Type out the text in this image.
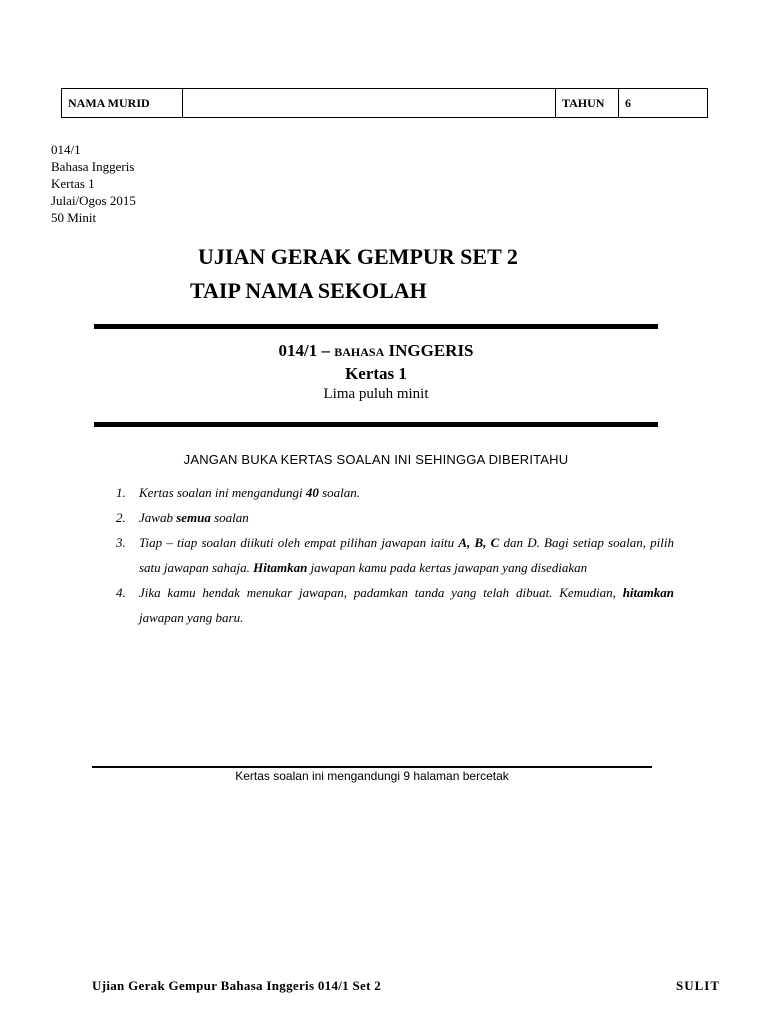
NAMA MURID		TAHUN	6
014/1
Bahasa Inggeris
Kertas 1
Julai/Ogos 2015
50 Minit
UJIAN GERAK GEMPUR SET 2
TAIP NAMA SEKOLAH
014/1 – BAHASA INGGERIS
Kertas 1
Lima puluh minit
JANGAN BUKA KERTAS SOALAN INI SEHINGGA DIBERITAHU
1. Kertas soalan ini mengandungi 40 soalan.
2. Jawab semua soalan
3. Tiap – tiap soalan diikuti oleh empat pilihan jawapan iaitu A, B, C dan D. Bagi setiap soalan, pilih satu jawapan sahaja. Hitamkan jawapan kamu pada kertas jawapan yang disediakan
4. Jika kamu hendak menukar jawapan, padamkan tanda yang telah dibuat. Kemudian, hitamkan jawapan yang baru.
Kertas soalan ini mengandungi 9 halaman bercetak
Ujian Gerak Gempur Bahasa Inggeris 014/1 Set 2	SULIT
